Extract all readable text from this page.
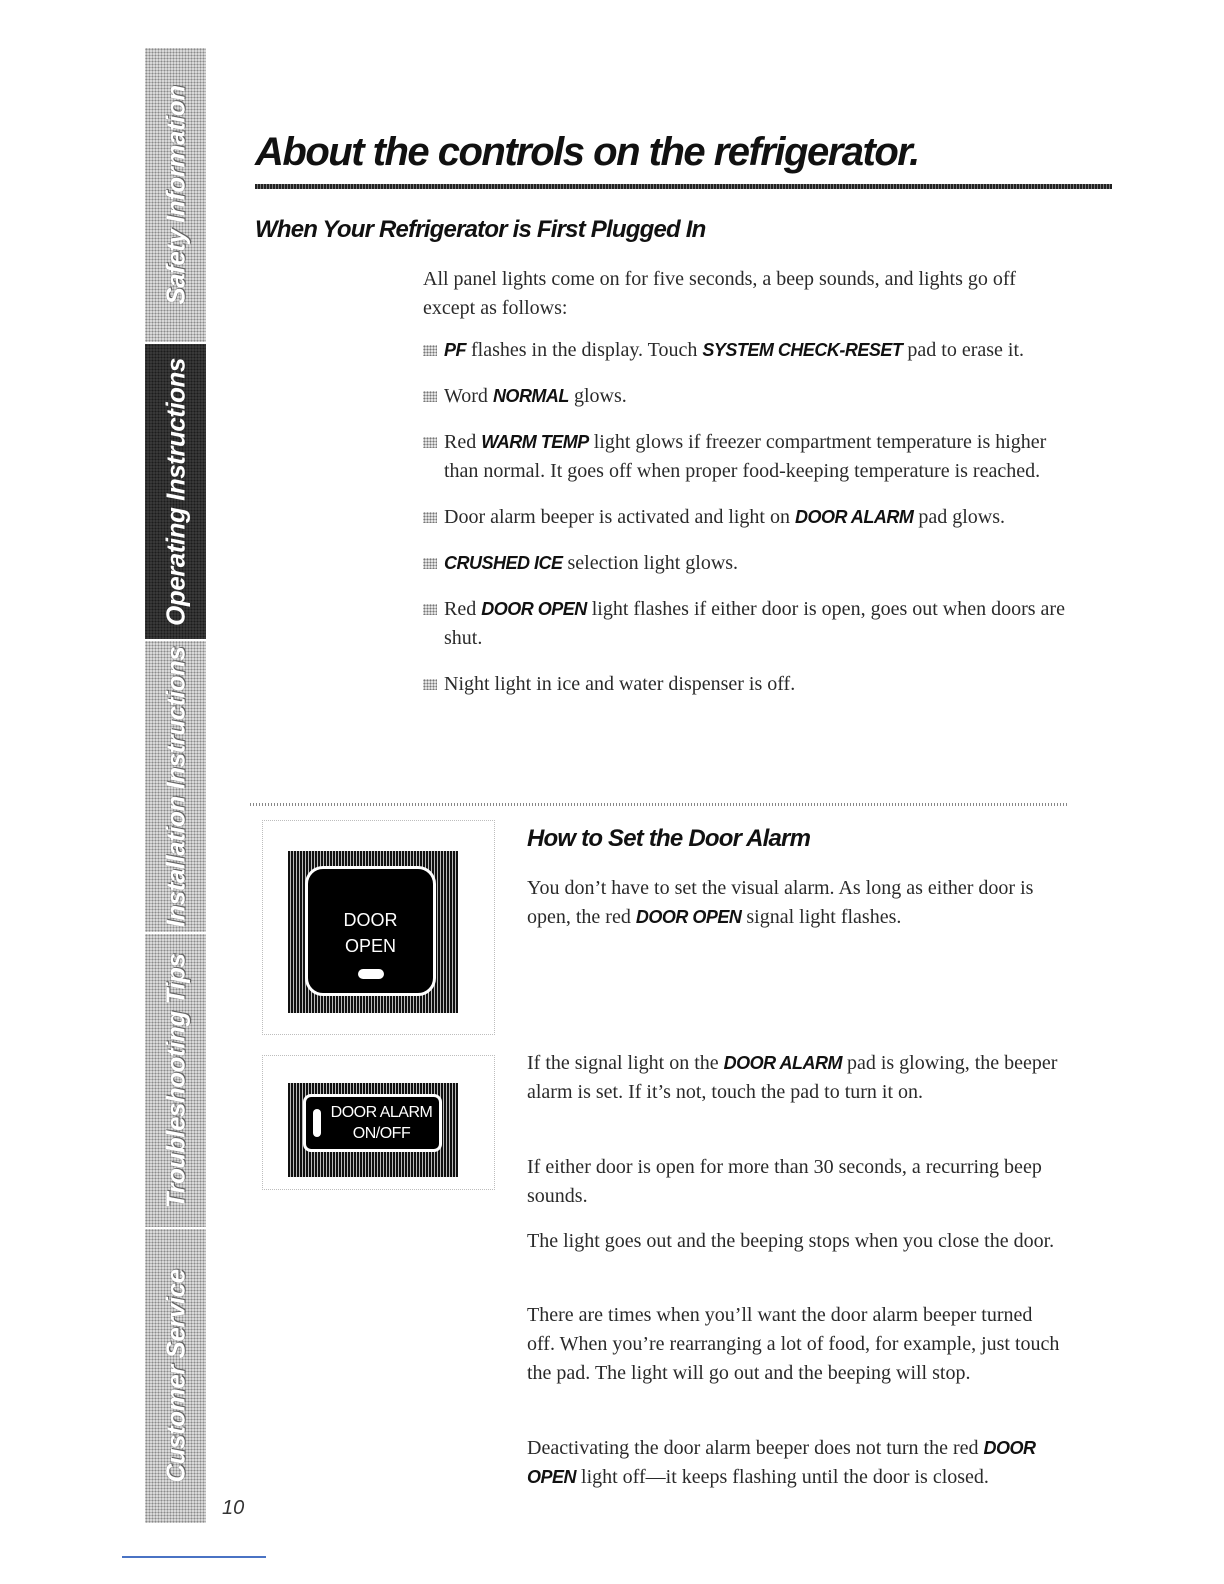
Safety Information
Operating Instructions
Installation Instructions
Troubleshooting Tips
Customer Service
10
About the controls on the refrigerator.
When Your Refrigerator is First Plugged In

All panel lights come on for five seconds, a beep sounds, and lights go off except as follows:

PF flashes in the display. Touch SYSTEM CHECK-RESET pad to erase it.
Word NORMAL glows.
Red WARM TEMP light glows if freezer compartment temperature is higher than normal. It goes off when proper food-keeping temperature is reached.
Door alarm beeper is activated and light on DOOR ALARM pad glows.
CRUSHED ICE selection light glows.
Red DOOR OPEN light flashes if either door is open, goes out when doors are shut.
Night light in ice and water dispenser is off.
DOOR
OPEN
DOOR ALARM
ON/OFF
How to Set the Door Alarm

You don’t have to set the visual alarm. As long as either door is open, the red DOOR OPEN signal light flashes.

If the signal light on the DOOR ALARM pad is glowing, the beeper alarm is set. If it’s not, touch the pad to turn it on.

If either door is open for more than 30 seconds, a recurring beep sounds.

The light goes out and the beeping stops when you close the door.

There are times when you’ll want the door alarm beeper turned off. When you’re rearranging a lot of food, for example, just touch the pad. The light will go out and the beeping will stop.

Deactivating the door alarm beeper does not turn the red DOOR OPEN light off—it keeps flashing until the door is closed.
